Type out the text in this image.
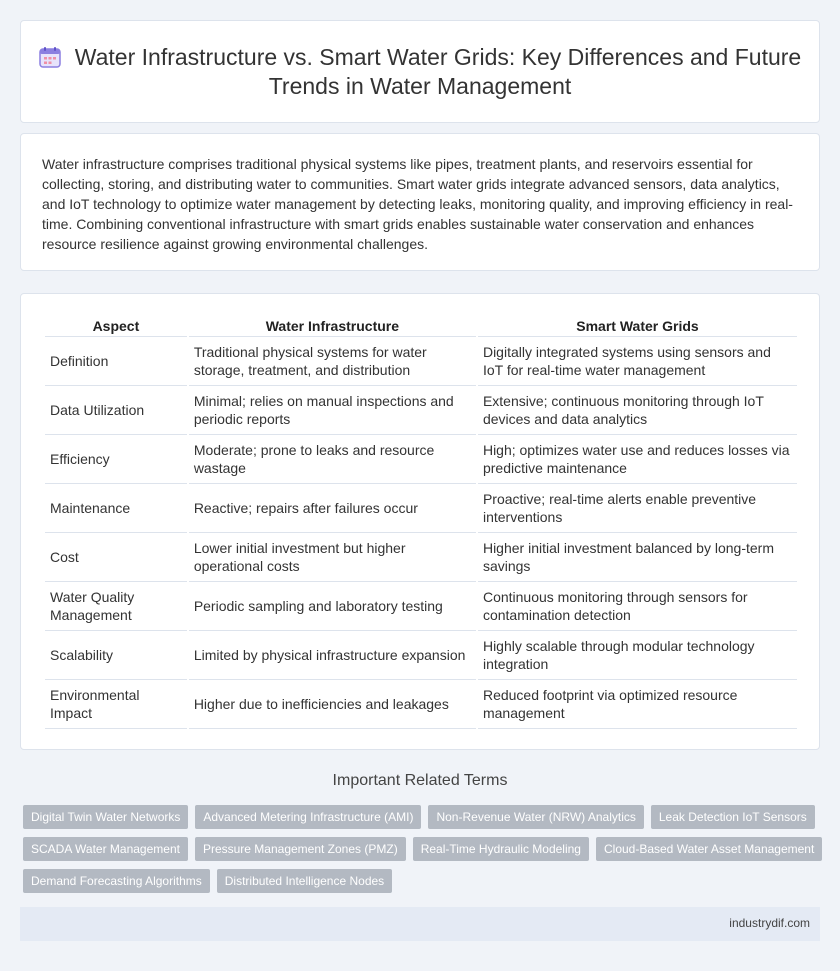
Water Infrastructure vs. Smart Water Grids: Key Differences and Future Trends in Water Management

Water infrastructure comprises traditional physical systems like pipes, treatment plants, and reservoirs essential for collecting, storing, and distributing water to communities. Smart water grids integrate advanced sensors, data analytics, and IoT technology to optimize water management by detecting leaks, monitoring quality, and improving efficiency in real-time. Combining conventional infrastructure with smart grids enables sustainable water conservation and enhances resource resilience against growing environmental challenges.

Aspect	Water Infrastructure	Smart Water Grids
Definition	Traditional physical systems for water storage, treatment, and distribution	Digitally integrated systems using sensors and IoT for real-time water management
Data Utilization	Minimal; relies on manual inspections and periodic reports	Extensive; continuous monitoring through IoT devices and data analytics
Efficiency	Moderate; prone to leaks and resource wastage	High; optimizes water use and reduces losses via predictive maintenance
Maintenance	Reactive; repairs after failures occur	Proactive; real-time alerts enable preventive interventions
Cost	Lower initial investment but higher operational costs	Higher initial investment balanced by long-term savings
Water Quality Management	Periodic sampling and laboratory testing	Continuous monitoring through sensors for contamination detection
Scalability	Limited by physical infrastructure expansion	Highly scalable through modular technology integration
Environmental Impact	Higher due to inefficiencies and leakages	Reduced footprint via optimized resource management
Important Related Terms
Digital Twin Water Networks	Advanced Metering Infrastructure (AMI)	Non-Revenue Water (NRW) Analytics	Leak Detection IoT Sensors
SCADA Water Management	Pressure Management Zones (PMZ)	Real-Time Hydraulic Modeling	Cloud-Based Water Asset Management
Demand Forecasting Algorithms	Distributed Intelligence Nodes
industrydif.com
